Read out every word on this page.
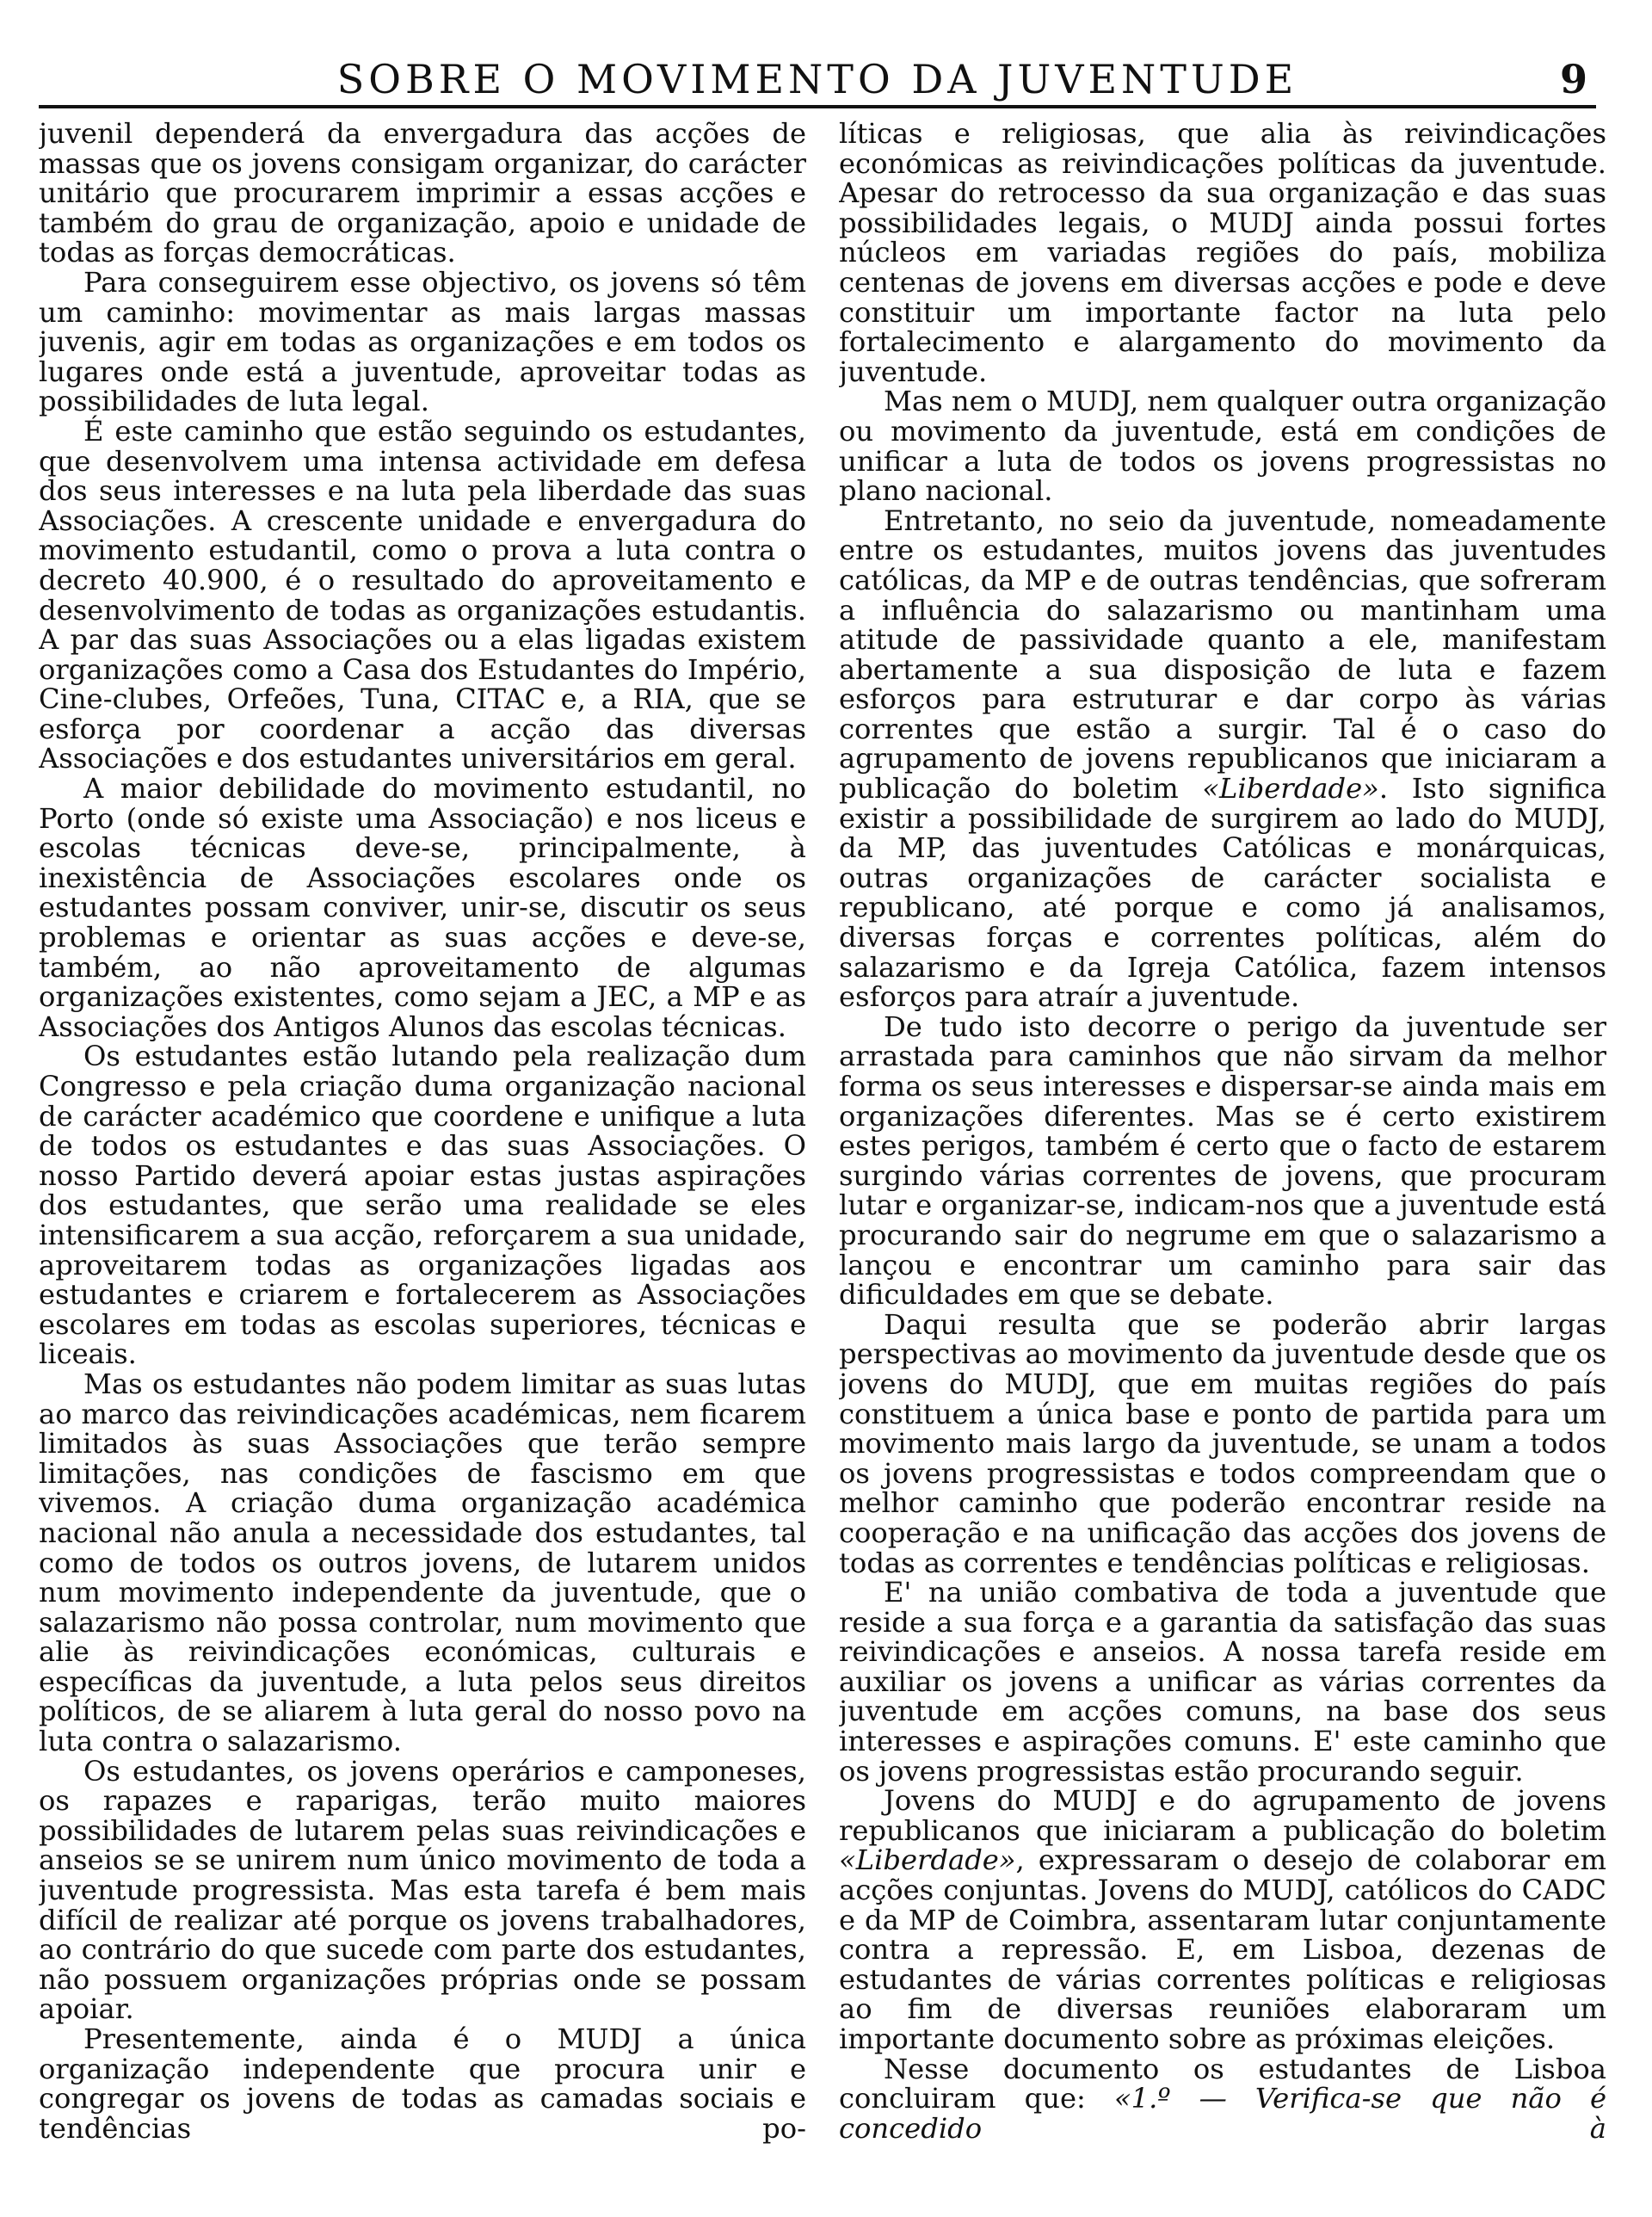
SOBRE O MOVIMENTO DA JUVENTUDE	9

juvenil dependerá da envergadura das acções de massas que os jovens consigam organizar, do carácter unitário que procurarem imprimir a essas acções e também do grau de organização, apoio e unidade de todas as forças democráticas.

Para conseguirem esse objectivo, os jovens só têm um caminho: movimentar as mais largas massas juvenis, agir em todas as organizações e em todos os lugares onde está a juventude, aproveitar todas as possibilidades de luta legal.

É este caminho que estão seguindo os estudantes, que desenvolvem uma intensa actividade em defesa dos seus interesses e na luta pela liberdade das suas Associações. A crescente unidade e envergadura do movimento estudantil, como o prova a luta contra o decreto 40.900, é o resultado do aproveitamento e desenvolvimento de todas as organizações estudantis. A par das suas Associações ou a elas ligadas existem organizações como a Casa dos Estudantes do Império, Cine-clubes, Orfeões, Tuna, CITAC e, a RIA, que se esforça por coordenar a acção das diversas Associações e dos estudantes universitários em geral.

A maior debilidade do movimento estudantil, no Porto (onde só existe uma Associação) e nos liceus e escolas técnicas deve-se, principalmente, à inexistência de Associações escolares onde os estudantes possam conviver, unir-se, discutir os seus problemas e orientar as suas acções e deve-se, também, ao não aproveitamento de algumas organizações existentes, como sejam a JEC, a MP e as Associações dos Antigos Alunos das escolas técnicas.

Os estudantes estão lutando pela realização dum Congresso e pela criação duma organização nacional de carácter académico que coordene e unifique a luta de todos os estudantes e das suas Associações. O nosso Partido deverá apoiar estas justas aspirações dos estudantes, que serão uma realidade se eles intensificarem a sua acção, reforçarem a sua unidade, aproveitarem todas as organizações ligadas aos estudantes e criarem e fortalecerem as Associações escolares em todas as escolas superiores, técnicas e liceais.

Mas os estudantes não podem limitar as suas lutas ao marco das reivindicações académicas, nem ficarem limitados às suas Associações que terão sempre limitações, nas condições de fascismo em que vivemos. A criação duma organização académica nacional não anula a necessidade dos estudantes, tal como de todos os outros jovens, de lutarem unidos num movimento independente da juventude, que o salazarismo não possa controlar, num movimento que alie às reivindicações económicas, culturais e específicas da juventude, a luta pelos seus direitos políticos, de se aliarem à luta geral do nosso povo na luta contra o salazarismo.

Os estudantes, os jovens operários e camponeses, os rapazes e raparigas, terão muito maiores possibilidades de lutarem pelas suas reivindicações e anseios se se unirem num único movimento de toda a juventude progressista. Mas esta tarefa é bem mais difícil de realizar até porque os jovens trabalhadores, ao contrário do que sucede com parte dos estudantes, não possuem organizações próprias onde se possam apoiar.

Presentemente, ainda é o MUDJ a única organização independente que procura unir e congregar os jovens de todas as camadas sociais e tendências po-

líticas e religiosas, que alia às reivindicações económicas as reivindicações políticas da juventude. Apesar do retrocesso da sua organização e das suas possibilidades legais, o MUDJ ainda possui fortes núcleos em variadas regiões do país, mobiliza centenas de jovens em diversas acções e pode e deve constituir um importante factor na luta pelo fortalecimento e alargamento do movimento da juventude.

Mas nem o MUDJ, nem qualquer outra organização ou movimento da juventude, está em condições de unificar a luta de todos os jovens progressistas no plano nacional.

Entretanto, no seio da juventude, nomeadamente entre os estudantes, muitos jovens das juventudes católicas, da MP e de outras tendências, que sofreram a influência do salazarismo ou mantinham uma atitude de passividade quanto a ele, manifestam abertamente a sua disposição de luta e fazem esforços para estruturar e dar corpo às várias correntes que estão a surgir. Tal é o caso do agrupamento de jovens republicanos que iniciaram a publicação do boletim «Liberdade». Isto significa existir a possibilidade de surgirem ao lado do MUDJ, da MP, das juventudes Católicas e monárquicas, outras organizações de carácter socialista e republicano, até porque e como já analisamos, diversas forças e correntes políticas, além do salazarismo e da Igreja Católica, fazem intensos esforços para atraír a juventude.

De tudo isto decorre o perigo da juventude ser arrastada para caminhos que não sirvam da melhor forma os seus interesses e dispersar-se ainda mais em organizações diferentes. Mas se é certo existirem estes perigos, também é certo que o facto de estarem surgindo várias correntes de jovens, que procuram lutar e organizar-se, indicam-nos que a juventude está procurando sair do negrume em que o salazarismo a lançou e encontrar um caminho para sair das dificuldades em que se debate.

Daqui resulta que se poderão abrir largas perspectivas ao movimento da juventude desde que os jovens do MUDJ, que em muitas regiões do país constituem a única base e ponto de partida para um movimento mais largo da juventude, se unam a todos os jovens progressistas e todos compreendam que o melhor caminho que poderão encontrar reside na cooperação e na unificação das acções dos jovens de todas as correntes e tendências políticas e religiosas.

E' na união combativa de toda a juventude que reside a sua força e a garantia da satisfação das suas reivindicações e anseios. A nossa tarefa reside em auxiliar os jovens a unificar as várias correntes da juventude em acções comuns, na base dos seus interesses e aspirações comuns. E' este caminho que os jovens progressistas estão procurando seguir.

Jovens do MUDJ e do agrupamento de jovens republicanos que iniciaram a publicação do boletim «Liberdade», expressaram o desejo de colaborar em acções conjuntas. Jovens do MUDJ, católicos do CADC e da MP de Coimbra, assentaram lutar conjuntamente contra a repressão. E, em Lisboa, dezenas de estudantes de várias correntes políticas e religiosas ao fim de diversas reuniões elaboraram um importante documento sobre as próximas eleições.

Nesse documento os estudantes de Lisboa concluiram que: «1.º — Verifica-se que não é concedido à
